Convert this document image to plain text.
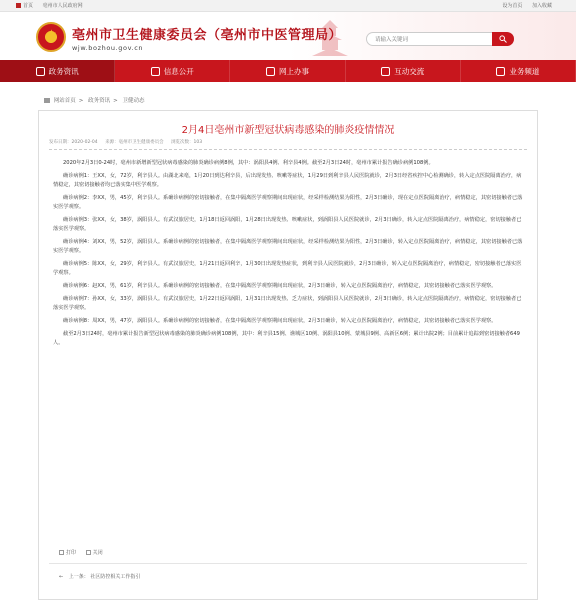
首页 亳州市人民政府网	设为首页 加入收藏
★
亳州市卫生健康委员会（亳州市中医管理局）
wjw.bozhou.gov.cn
请输入关键词
政务资讯	信息公开	网上办事	互动交流	业务频道
网站首页 > 政务资讯 > 卫健动态
2月4日亳州市新型冠状病毒感染的肺炎疫情情况
发布日期：2020-02-04 来源：亳州市卫生健康委员会 浏览次数：103

2020年2月3日0-24时，亳州市新增新型冠状病毒感染的肺炎确诊病例8例，其中：涡阳县4例、利辛县4例。截至2月3日24时，亳州市累计报告确诊病例108例。

确诊病例1：王XX，女，72岁，利辛县人。由湖北来亳，1月20日到达利辛县，后出现发热、咳嗽等症状，1月29日到利辛县人民医院就诊，2月3日经省疾控中心检测确诊，转入定点医院隔离治疗，病情稳定，其密切接触者均已落实集中医学观察。

确诊病例2：李XX，男，45岁，利辛县人。系确诊病例的密切接触者，在集中隔离医学观察期间出现症状，经采样检测结果为阳性，2月3日确诊，现在定点医院隔离治疗，病情稳定，其密切接触者已落实医学观察。

确诊病例3：张XX，女，38岁，涡阳县人。有武汉旅居史，1月18日返回涡阳，1月28日出现发热、咳嗽症状，到涡阳县人民医院就诊，2月3日确诊，转入定点医院隔离治疗，病情稳定，密切接触者已落实医学观察。

确诊病例4：刘XX，男，52岁，涡阳县人。系确诊病例的密切接触者，在集中隔离医学观察期间出现症状，经采样检测结果为阳性，2月3日确诊，转入定点医院隔离治疗，病情稳定，其密切接触者已落实医学观察。

确诊病例5：陈XX，女，29岁，利辛县人。有武汉旅居史，1月21日返回利辛，1月30日出现发热症状，到利辛县人民医院就诊，2月3日确诊，转入定点医院隔离治疗，病情稳定，密切接触者已落实医学观察。

确诊病例6：赵XX，男，61岁，利辛县人。系确诊病例的密切接触者，在集中隔离医学观察期间出现症状，2月3日确诊，转入定点医院隔离治疗，病情稳定，其密切接触者已落实医学观察。

确诊病例7：孙XX，女，33岁，涡阳县人。有武汉旅居史，1月22日返回涡阳，1月31日出现发热、乏力症状，到涡阳县人民医院就诊，2月3日确诊，转入定点医院隔离治疗，病情稳定，密切接触者已落实医学观察。

确诊病例8：周XX，男，47岁，涡阳县人。系确诊病例的密切接触者，在集中隔离医学观察期间出现症状，2月3日确诊，转入定点医院隔离治疗，病情稳定，其密切接触者已落实医学观察。

截至2月3日24时，亳州市累计报告新型冠状病毒感染的肺炎确诊病例108例，其中：利辛县15例、谯城区10例、涡阳县10例、蒙城县9例、高新区6例；累计出院2例；目前累计追踪到密切接触者649人。

打印	关闭
← 上一条： 社区防控相关工作指引
